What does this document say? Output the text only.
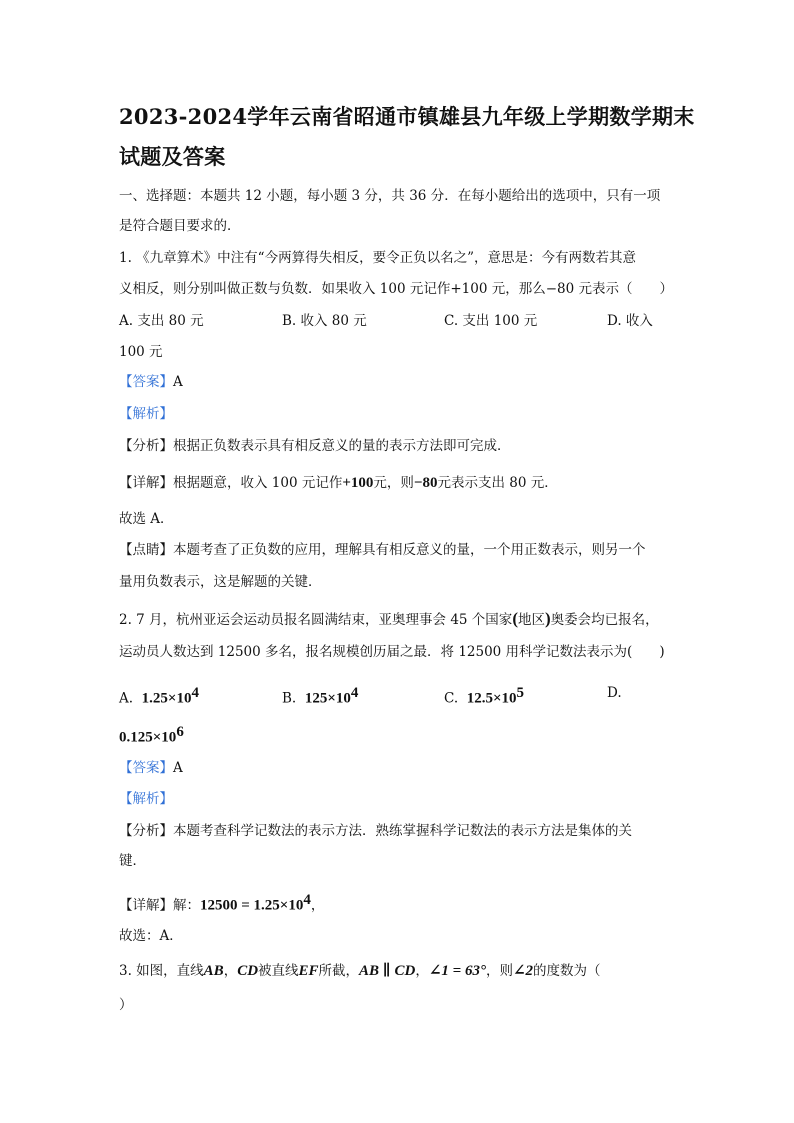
2023-2024学年云南省昭通市镇雄县九年级上学期数学期末
试题及答案
一、选择题：本题共 12 小题，每小题 3 分，共 36 分．在每小题给出的选项中，只有一项
是符合题目要求的．
1. 《九章算术》中注有“今两算得失相反，要令正负以名之”，意思是：今有两数若其意
义相反，则分别叫做正数与负数．如果收入 100 元记作+100 元，那么−80 元表示（　　）
A. 支出 80 元	B. 收入 80 元	C. 支出 100 元	D. 收入
100 元
【答案】A
【解析】
【分析】根据正负数表示具有相反意义的量的表示方法即可完成．
【详解】根据题意，收入 100 元记作+100元，则−80元表示支出 80 元．
故选 A．
【点睛】本题考查了正负数的应用，理解具有相反意义的量，一个用正数表示，则另一个
量用负数表示，这是解题的关键．
2. 7 月，杭州亚运会运动员报名圆满结束，亚奥理事会 45 个国家(地区)奥委会均已报名，
运动员人数达到 12500 多名，报名规模创历届之最．将 12500 用科学记数法表示为(　　)
A. $1.25\times 10^4$	B. $125\times 10^4$	C. $12.5\times 10^5$	D.
$0.125\times 10^6$
【答案】A
【解析】
【分析】本题考查科学记数法的表示方法．熟练掌握科学记数法的表示方法是集体的关
键．
【详解】解：$12500 = 1.25\times 10^4$，
故选：A．
3. 如图，直线AB，CD被直线EF所截，AB ∥ CD，∠1 = 63°，则∠2的度数为（
）
